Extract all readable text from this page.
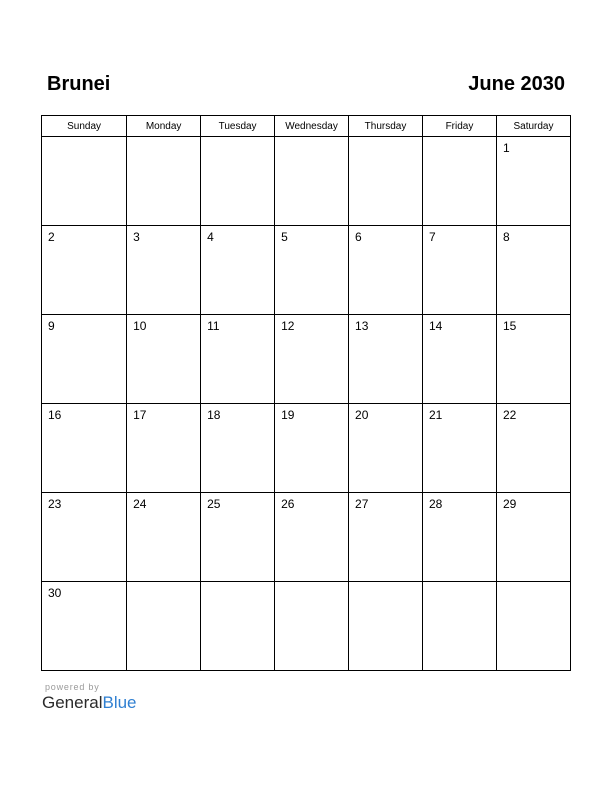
Brunei	June 2030
Sunday	Monday	Tuesday	Wednesday	Thursday	Friday	Saturday

						1

2	3	4	5	6	7	8

9	10	11	12	13	14	15

16	17	18	19	20	21	22

23	24	25	26	27	28	29

30						

powered by
GeneralBlue
